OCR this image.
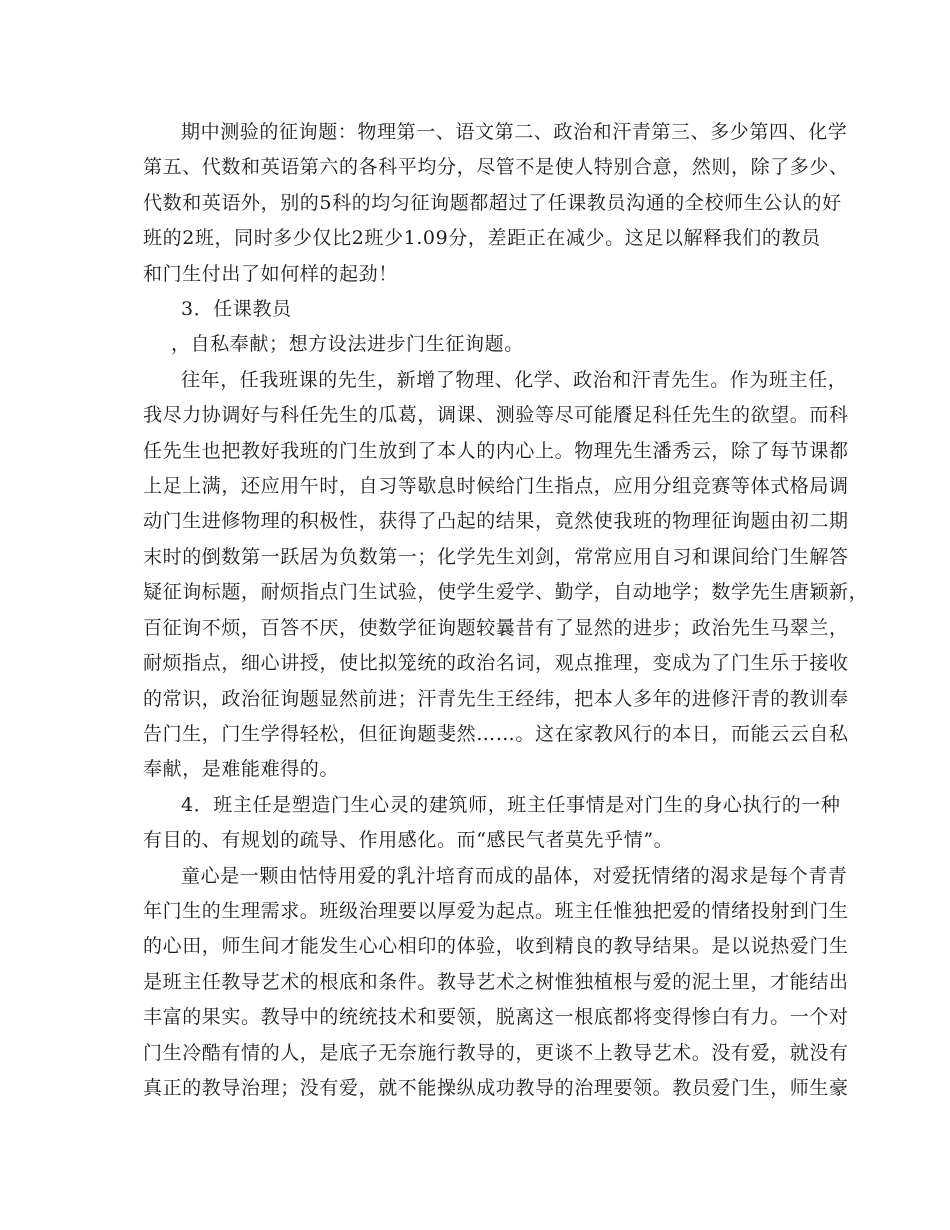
期中测验的征询题：物理第一、语文第二、政治和汗青第三、多少第四、化学
第五、代数和英语第六的各科平均分，尽管不是使人特别合意，然则，除了多少、
代数和英语外，别的5科的均匀征询题都超过了任课教员沟通的全校师生公认的好
班的2班，同时多少仅比2班少1.09分，差距正在减少。这足以解释我们的教员
和门生付出了如何样的起劲！
3．任课教员
，自私奉献；想方设法进步门生征询题。
往年，任我班课的先生，新增了物理、化学、政治和汗青先生。作为班主任，
我尽力协调好与科任先生的瓜葛，调课、测验等尽可能餍足科任先生的欲望。而科
任先生也把教好我班的门生放到了本人的内心上。物理先生潘秀云，除了每节课都
上足上满，还应用午时，自习等歇息时候给门生指点，应用分组竞赛等体式格局调
动门生进修物理的积极性，获得了凸起的结果，竟然使我班的物理征询题由初二期
末时的倒数第一跃居为负数第一；化学先生刘剑，常常应用自习和课间给门生解答
疑征询标题，耐烦指点门生试验，使学生爱学、勤学，自动地学；数学先生唐颖新，
百征询不烦，百答不厌，使数学征询题较曩昔有了显然的进步；政治先生马翠兰，
耐烦指点，细心讲授，使比拟笼统的政治名词，观点推理，变成为了门生乐于接收
的常识，政治征询题显然前进；汗青先生王经纬，把本人多年的进修汗青的教训奉
告门生，门生学得轻松，但征询题斐然……。这在家教风行的本日，而能云云自私
奉献，是难能难得的。
4．班主任是塑造门生心灵的建筑师，班主任事情是对门生的身心执行的一种
有目的、有规划的疏导、作用感化。而“感民气者莫先乎情”。
童心是一颗由怙恃用爱的乳汁培育而成的晶体，对爱抚情绪的渴求是每个青青
年门生的生理需求。班级治理要以厚爱为起点。班主任惟独把爱的情绪投射到门生
的心田，师生间才能发生心心相印的体验，收到精良的教导结果。是以说热爱门生
是班主任教导艺术的根底和条件。教导艺术之树惟独植根与爱的泥土里，才能结出
丰富的果实。教导中的统统技术和要领，脱离这一根底都将变得惨白有力。一个对
门生冷酷有情的人，是底子无奈施行教导的，更谈不上教导艺术。没有爱，就没有
真正的教导治理；没有爱，就不能操纵成功教导的治理要领。教员爱门生，师生豪
